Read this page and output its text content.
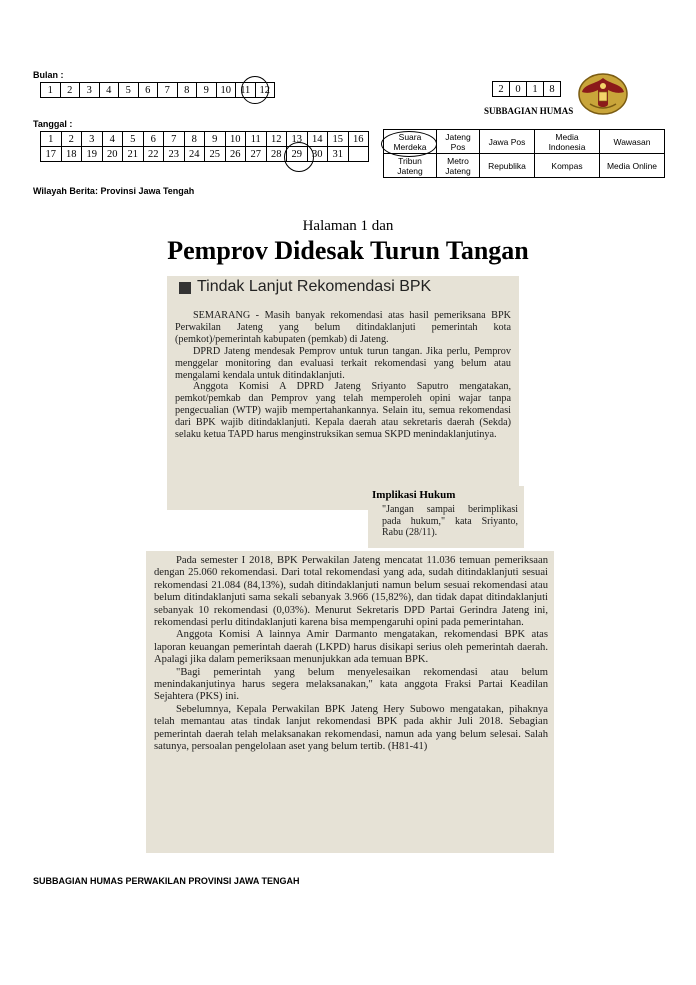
Bulan :
1	2	3	4	5	6	7	8	9	10	11	12
Tanggal :
1	2	3	4	5	6	7	8	9	10	11	12	13	14	15	16
17	18	19	20	21	22	23	24	25	26	27	28	29	30	31	
Wilayah Berita: Provinsi Jawa Tengah
2	0	1	8
SUBBAGIAN HUMAS
Suara Merdeka	Jateng Pos	Jawa Pos	Media Indonesia	Wawasan
Tribun Jateng	Metro Jateng	Republika	Kompas	Media Online
Halaman 1 dan
Pemprov Didesak Turun Tangan
Tindak Lanjut Rekomendasi BPK

SEMARANG - Masih banyak rekomendasi atas hasil pemeriksana BPK Perwakilan Jateng yang belum ditindaklanjuti pemerintah kota (pemkot)/pemerintah kabupaten (pemkab) di Jateng.

DPRD Jateng mendesak Pemprov untuk turun tangan. Jika perlu, Pemprov menggelar monitoring dan evaluasi terkait rekomendasi yang belum atau mengalami kendala untuk ditindaklanjuti.

Anggota Komisi A DPRD Jateng Sriyanto Saputro mengatakan, pemkot/pemkab dan Pemprov yang telah memperoleh opini wajar tanpa pengecualian (WTP) wajib mempertahankannya. Selain itu, semua rekomendasi dari BPK wajib ditindaklanjuti. Kepala daerah atau sekretaris daerah (Sekda) selaku ketua TAPD harus menginstruksikan semua SKPD menindaklanjutinya.

Implikasi Hukum

"Jangan sampai berimplikasi pada hukum," kata Sriyanto, Rabu (28/11).

Pada semester I 2018, BPK Perwakilan Jateng mencatat 11.036 temuan pemeriksaan dengan 25.060 rekomendasi. Dari total rekomendasi yang ada, sudah ditindaklanjuti sesuai rekomendasi 21.084 (84,13%), sudah ditindaklanjuti namun belum sesuai rekomendasi atau belum ditindaklanjuti sama sekali sebanyak 3.966 (15,82%), dan tidak dapat ditindaklanjuti sebanyak 10 rekomendasi (0,03%). Menurut Sekretaris DPD Partai Gerindra Jateng ini, rekomendasi perlu ditindaklanjuti karena bisa mempengaruhi opini pada pemerintahan.

Anggota Komisi A lainnya Amir Darmanto mengatakan, rekomendasi BPK atas laporan keuangan pemerintah daerah (LKPD) harus disikapi serius oleh pemerintah daerah. Apalagi jika dalam pemeriksaan menunjukkan ada temuan BPK.

"Bagi pemerintah yang belum menyelesaikan rekomendasi atau belum menindakanjutinya harus segera melaksanakan," kata anggota Fraksi Partai Keadilan Sejahtera (PKS) ini.

Sebelumnya, Kepala Perwakilan BPK Jateng Hery Subowo mengatakan, pihaknya telah memantau atas tindak lanjut rekomendasi BPK pada akhir Juli 2018. Sebagian pemerintah daerah telah melaksanakan rekomendasi, namun ada yang belum selesai. Salah satunya, persoalan pengelolaan aset yang belum tertib. (H81-41)

SUBBAGIAN HUMAS PERWAKILAN PROVINSI JAWA TENGAH
